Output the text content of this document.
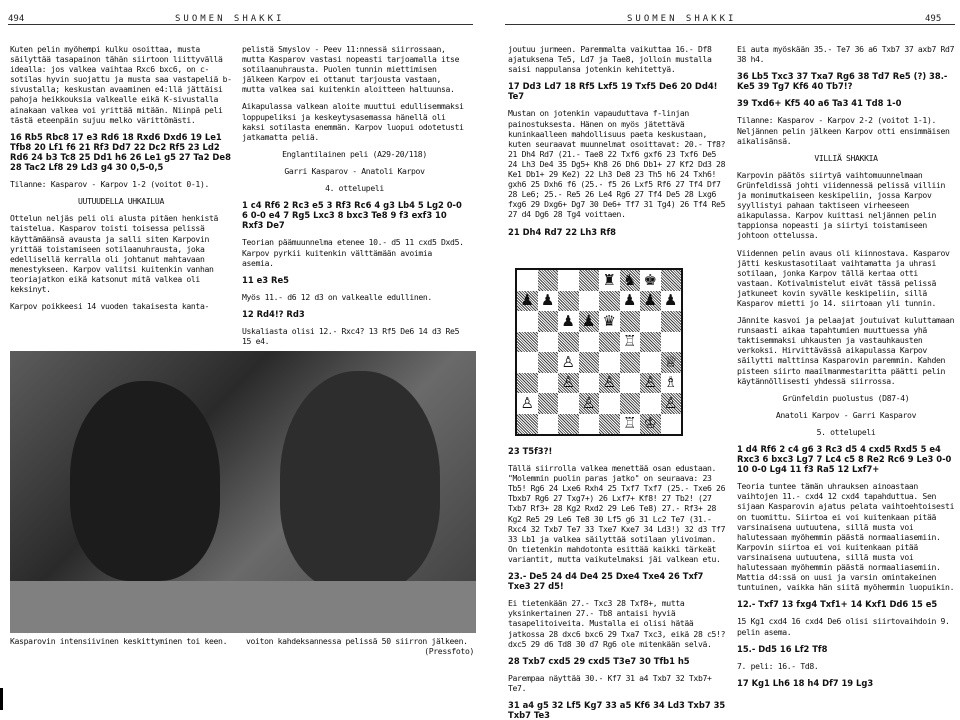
494	SUOMEN SHAKKI	SUOMEN SHAKKI	495

Kuten pelin myöhempi kulku osoittaa, musta säilyttää tasapainon tähän siirtoon liittyvällä idealla: jos valkea vaihtaa Rxc6 bxc6, on c-sotilas hyvin suojattu ja musta saa vastapeliä b-sivustalla; keskustan avaaminen e4:llä jättäisi pahoja heikkouksia valkealle eikä K-sivustalla ainakaan valkea voi yrittää mitään. Niinpä peli tästä eteenpäin sujuu melko värittömästi.

16 Rb5 Rbc8 17 e3 Rd6 18 Rxd6 Dxd6 19 Le1 Tfb8 20 Lf1 f6 21 Rf3 Dd7 22 Dc2 Rf5 23 Ld2 Rd6 24 b3 Tc8 25 Dd1 h6 26 Le1 g5 27 Ta2 De8 28 Tac2 Lf8 29 Ld3 g4 30 0,5-0,5

Tilanne: Kasparov - Karpov 1-2 (voitot 0-1).

UUTUUDELLA UHKAILUA

Ottelun neljäs peli oli alusta pitäen henkistä taistelua. Kasparov toisti toisessa pelissä käyttämäänsä avausta ja salli siten Karpovin yrittää toistamiseen sotilaanuhrausta, joka edellisellä kerralla oli johtanut mahtavaan menestykseen. Karpov valitsi kuitenkin vanhan teoriajatkon eikä katsonut mitä valkea oli keksinyt.

Karpov poikkeesi 14 vuoden takaisesta kanta-

pelistä Smyslov - Peev 11:nnessä siirrossaan, mutta Kasparov vastasi nopeasti tarjoamalla itse sotilaanuhrausta. Puolen tunnin miettimisen jälkeen Karpov ei ottanut tarjousta vastaan, mutta valkea sai kuitenkin aloitteen haltuunsa.

Aikapulassa valkean aloite muuttui edullisemmaksi loppupeliksi ja keskeytysasemassa hänellä oli kaksi sotilasta enemmän. Karpov luopui odotetusti jatkamatta peliä.

Englantilainen peli (A29-20/118)

Garri Kasparov - Anatoli Karpov

4. ottelupeli

1 c4 Rf6 2 Rc3 e5 3 Rf3 Rc6 4 g3 Lb4 5 Lg2 0-0 6 0-0 e4 7 Rg5 Lxc3 8 bxc3 Te8 9 f3 exf3 10 Rxf3 De7

Teorian päämuunnelma etenee 10.- d5 11 cxd5 Dxd5. Karpov pyrkii kuitenkin välttämään avoimia asemia.

11 e3 Re5

Myös 11.- d6 12 d3 on valkealle edullinen.

12 Rd4!? Rd3

Uskaliasta olisi 12.- Rxc4? 13 Rf5 De6 14 d3 Re5 15 e4.

joutuu jurmeen. Paremmalta vaikuttaa 16.- Df8 ajatuksena Te5, Ld7 ja Tae8, jolloin mustalla saisi nappulansa jotenkin kehitettyä.

17 Dd3 Ld7 18 Rf5 Lxf5 19 Txf5 De6 20 Dd4! Te7

Mustan on jotenkin vapauduttava f-linjan painostuksesta. Hänen on myös jätettävä kuninkaalleen mahdollisuus paeta keskustaan, kuten seuraavat muunnelmat osoittavat: 20.- Tf8? 21 Dh4 Rd7 (21.- Tae8 22 Txf6 gxf6 23 Txf6 De5 24 Lh3 De4 35 Dg5+ Kh8 26 Dh6 Db1+ 27 Kf2 Dd3 28 Ke1 Db1+ 29 Ke2) 22 Lh3 De8 23 Th5 h6 24 Txh6! gxh6 25 Dxh6 f6 (25.- f5 26 Lxf5 Rf6 27 Tf4 Df7 28 Le6; 25.- Re5 26 Le4 Rg6 27 Tf4 De5 28 Lxg6 fxg6 29 Dxg6+ Dg7 30 De6+ Tf7 31 Tg4) 26 Tf4 Re5 27 d4 Dg6 28 Tg4 voittaen.

21 Dh4 Rd7 22 Lh3 Rf8

♜ ♞ ♚
♟ ♟	♟ ♟ ♟
♟ ♟ ♛
♖
♙	♕
♙ ♙ ♙ ♗
♙	♙	♙
♖ ♔

23 T5f3?!

Tällä siirrolla valkea menettää osan edustaan. "Molemmin puolin paras jatko" on seuraava: 23 Tb5! Rg6 24 Lxe6 Rxh4 25 Txf7 Txf7 (25.- Txe6 26 Tbxb7 Rg6 27 Txg7+) 26 Lxf7+ Kf8! 27 Tb2! (27 Txb7 Rf3+ 28 Kg2 Rxd2 29 Le6 Te8) 27.- Rf3+ 28 Kg2 Re5 29 Le6 Te8 30 Lf5 g6 31 Lc2 Te7 (31.- Rxc4 32 Txb7 Te7 33 Txe7 Kxe7 34 Ld3!) 32 d3 Tf7 33 Lb1 ja valkea säilyttää sotilaan ylivoiman. On tietenkin mahdotonta esittää kaikki tärkeät variantit, mutta vaikutelmaksi jäi valkean etu.

23.- De5 24 d4 De4 25 Dxe4 Txe4 26 Txf7 Txe3 27 d5!

Ei tietenkään 27.- Txc3 28 Txf8+, mutta yksinkertainen 27.- Tb8 antaisi hyviä tasapelitoiveita. Mustalla ei olisi hätää jatkossa 28 dxc6 bxc6 29 Txa7 Txc3, eikä 28 c5!? dxc5 29 d6 Td8 30 d7 Rg6 ole mitenkään selvä.

28 Txb7 cxd5 29 cxd5 T3e7 30 Tfb1 h5

Parempaa näyttää 30.- Kf7 31 a4 Txb7 32 Txb7+ Te7.

31 a4 g5 32 Lf5 Kg7 33 a5 Kf6 34 Ld3 Txb7 35 Txb7 Te3

Ei auta myöskään 35.- Te7 36 a6 Txb7 37 axb7 Rd7 38 h4.

36 Lb5 Txc3 37 Txa7 Rg6 38 Td7 Re5 (?) 38.- Ke5 39 Tg7 Kf6 40 Tb7!?

39 Txd6+ Kf5 40 a6 Ta3 41 Td8 1-0

Tilanne: Kasparov - Karpov 2-2 (voitot 1-1). Neljännen pelin jälkeen Karpov otti ensimmäisen aikalisänsä.

VILLIÄ SHAKKIA

Karpovin päätös siirtyä vaihtomuunnelmaan Grünfeldissä johti viidennessä pelissä villiin ja monimutkaiseen keskipeliin, jossa Karpov syyllistyi pahaan taktiseen virheeseen aikapulassa. Karpov kuittasi neljännen pelin tappionsa nopeasti ja siirtyi toistamiseen johtoon ottelussa.

Viidennen pelin avaus oli kiinnostava. Kasparov jätti keskustasotilaat vaihtamatta ja uhrasi sotilaan, jonka Karpov tällä kertaa otti vastaan. Kotivalmistelut eivät tässä pelissä jatkuneet kovin syvälle keskipeliin, sillä Kasparov mietti jo 14. siirtoaan yli tunnin.

Jännite kasvoi ja pelaajat joutuivat kuluttamaan runsaasti aikaa tapahtumien muuttuessa yhä taktisemmaksi uhkausten ja vastauhkausten verkoksi. Hirvittävässä aikapulassa Karpov säilytti malttinsa Kasparovin paremmin. Kahden pisteen siirto maailmanmestaritta päätti pelin käytännöllisesti yhdessä siirrossa.

Grünfeldin puolustus (D87-4)

Anatoli Karpov - Garri Kasparov

5. ottelupeli

1 d4 Rf6 2 c4 g6 3 Rc3 d5 4 cxd5 Rxd5 5 e4 Rxc3 6 bxc3 Lg7 7 Lc4 c5 8 Re2 Rc6 9 Le3 0-0 10 0-0 Lg4 11 f3 Ra5 12 Lxf7+

Teoria tuntee tämän uhrauksen ainoastaan vaihtojen 11.- cxd4 12 cxd4 tapahduttua. Sen sijaan Kasparovin ajatus pelata vaihtoehtoisesti on tuomittu. Siirtoa ei voi kuitenkaan pitää varsinaisena uutuutena, sillä musta voi halutessaan myöhemmin päästä normaaliasemiin. Karpovin siirtoa ei voi kuitenkaan pitää varsinaisena uutuutena, sillä musta voi halutessaan myöhemmin päästä normaaliasemiin. Mattia d4:ssä on uusi ja varsin omintakeinen tuntuinen, vaikka hän siitä myöhemmin luopuikin.

12.- Txf7 13 fxg4 Txf1+ 14 Kxf1 Dd6 15 e5

15 Kg1 cxd4 16 cxd4 De6 olisi siirtovaihdoin 9. pelin asema.

15.- Dd5 16 Lf2 Tf8

7. peli: 16.- Td8.

17 Kg1 Lh6 18 h4 Df7 19 Lg3

Kasparovin intensiivinen keskittyminen toi keen.	voiton kahdeksannessa pelissä 50 siirron jälkeen.
(Pressfoto)
